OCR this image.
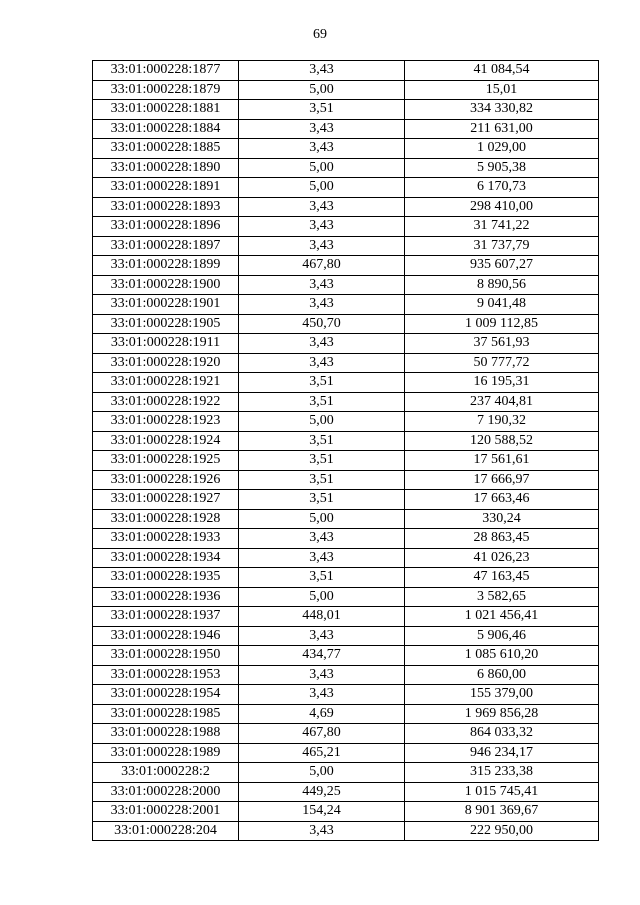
69
33:01:000228:1877	3,43	41 084,54
33:01:000228:1879	5,00	15,01
33:01:000228:1881	3,51	334 330,82
33:01:000228:1884	3,43	211 631,00
33:01:000228:1885	3,43	1 029,00
33:01:000228:1890	5,00	5 905,38
33:01:000228:1891	5,00	6 170,73
33:01:000228:1893	3,43	298 410,00
33:01:000228:1896	3,43	31 741,22
33:01:000228:1897	3,43	31 737,79
33:01:000228:1899	467,80	935 607,27
33:01:000228:1900	3,43	8 890,56
33:01:000228:1901	3,43	9 041,48
33:01:000228:1905	450,70	1 009 112,85
33:01:000228:1911	3,43	37 561,93
33:01:000228:1920	3,43	50 777,72
33:01:000228:1921	3,51	16 195,31
33:01:000228:1922	3,51	237 404,81
33:01:000228:1923	5,00	7 190,32
33:01:000228:1924	3,51	120 588,52
33:01:000228:1925	3,51	17 561,61
33:01:000228:1926	3,51	17 666,97
33:01:000228:1927	3,51	17 663,46
33:01:000228:1928	5,00	330,24
33:01:000228:1933	3,43	28 863,45
33:01:000228:1934	3,43	41 026,23
33:01:000228:1935	3,51	47 163,45
33:01:000228:1936	5,00	3 582,65
33:01:000228:1937	448,01	1 021 456,41
33:01:000228:1946	3,43	5 906,46
33:01:000228:1950	434,77	1 085 610,20
33:01:000228:1953	3,43	6 860,00
33:01:000228:1954	3,43	155 379,00
33:01:000228:1985	4,69	1 969 856,28
33:01:000228:1988	467,80	864 033,32
33:01:000228:1989	465,21	946 234,17
33:01:000228:2	5,00	315 233,38
33:01:000228:2000	449,25	1 015 745,41
33:01:000228:2001	154,24	8 901 369,67
33:01:000228:204	3,43	222 950,00
